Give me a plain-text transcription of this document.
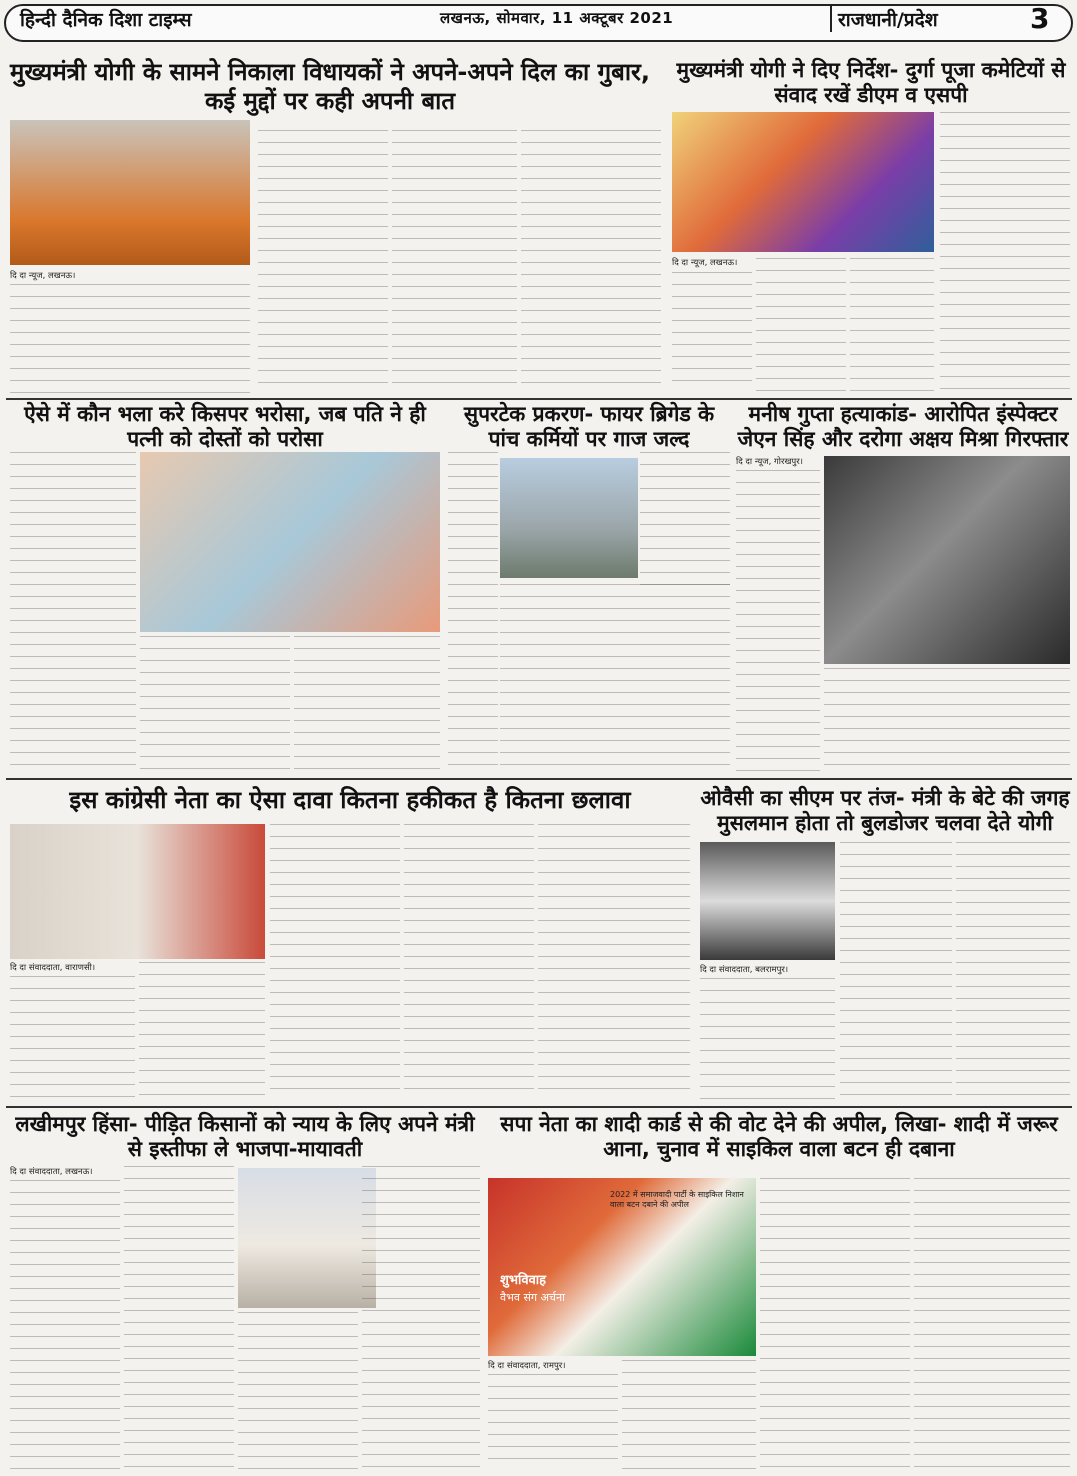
हिन्दी दैनिक दिशा टाइम्स	लखनऊ, सोमवार, 11 अक्टूबर 2021	राजधानी/प्रदेश	3
मुख्यमंत्री योगी के सामने निकाला विधायकों ने अपने-अपने दिल का गुबार, कई मुद्दों पर कही अपनी बात
दि दा न्यूज, लखनऊ।
मुख्यमंत्री योगी ने दिए निर्देश- दुर्गा पूजा कमेटियों से संवाद रखें डीएम व एसपी
दि दा न्यूज, लखनऊ।
ऐसे में कौन भला करे किसपर भरोसा, जब पति ने ही पत्नी को दोस्तों को परोसा
सुपरटेक प्रकरण- फायर ब्रिगेड के पांच कर्मियों पर गाज जल्द
मनीष गुप्ता हत्याकांड- आरोपित इंस्पेक्टर जेएन सिंह और दरोगा अक्षय मिश्रा गिरफ्तार
दि दा न्यूज, गोरखपुर।
इस कांग्रेसी नेता का ऐसा दावा कितना हकीकत है कितना छलावा
दि दा संवाददाता, वाराणसी।
ओवैसी का सीएम पर तंज- मंत्री के बेटे की जगह मुसलमान होता तो बुलडोजर चलवा देते योगी
दि दा संवाददाता, बलरामपुर।
लखीमपुर हिंसा- पीड़ित किसानों को न्याय के लिए अपने मंत्री से इस्तीफा ले भाजपा-मायावती
दि दा संवाददाता, लखनऊ।
सपा नेता का शादी कार्ड से की वोट देने की अपील, लिखा- शादी में जरूर आना, चुनाव में साइकिल वाला बटन ही दबाना
शुभविवाह
वैभव संग अर्चना
2022 में समाजवादी पार्टी के साइकिल निशान वाला बटन दबाने की अपील
दि दा संवाददाता, रामपुर।
